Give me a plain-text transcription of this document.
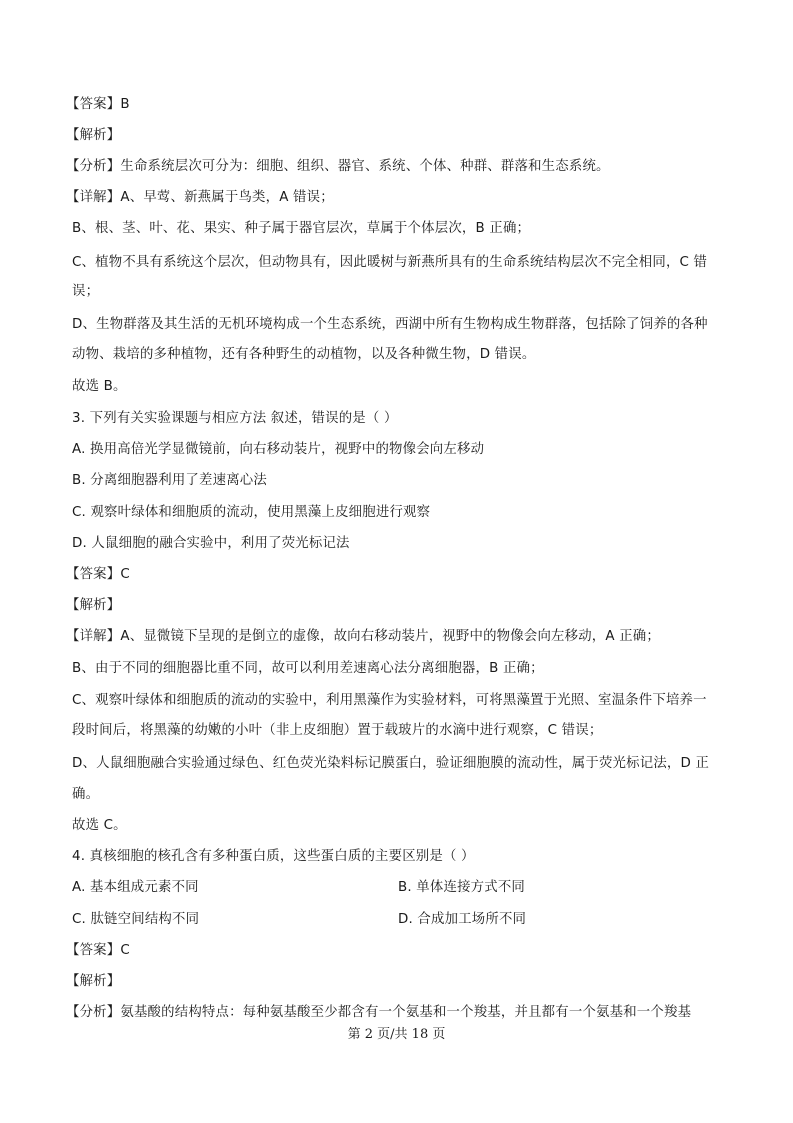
【答案】B
【解析】
【分析】生命系统层次可分为：细胞、组织、器官、系统、个体、种群、群落和生态系统。
【详解】A、早莺、新燕属于鸟类，A 错误；
B、根、茎、叶、花、果实、种子属于器官层次，草属于个体层次，B 正确；
C、植物不具有系统这个层次，但动物具有，因此暖树与新燕所具有的生命系统结构层次不完全相同，C 错
误；
D、生物群落及其生活的无机环境构成一个生态系统，西湖中所有生物构成生物群落，包括除了饲养的各种
动物、栽培的多种植物，还有各种野生的动植物，以及各种微生物，D 错误。
故选 B。
3. 下列有关实验课题与相应方法 叙述，错误的是（ ）
A. 换用高倍光学显微镜前，向右移动装片，视野中的物像会向左移动
B. 分离细胞器利用了差速离心法
C. 观察叶绿体和细胞质的流动，使用黑藻上皮细胞进行观察
D. 人鼠细胞的融合实验中，利用了荧光标记法
【答案】C
【解析】
【详解】A、显微镜下呈现的是倒立的虚像，故向右移动装片，视野中的物像会向左移动，A 正确；
B、由于不同的细胞器比重不同，故可以利用差速离心法分离细胞器，B 正确；
C、观察叶绿体和细胞质的流动的实验中，利用黑藻作为实验材料，可将黑藻置于光照、室温条件下培养一
段时间后，将黑藻的幼嫩的小叶（非上皮细胞）置于载玻片的水滴中进行观察，C 错误；
D、人鼠细胞融合实验通过绿色、红色荧光染料标记膜蛋白，验证细胞膜的流动性，属于荧光标记法，D 正
确。
故选 C。
4. 真核细胞的核孔含有多种蛋白质，这些蛋白质的主要区别是（ ）
A. 基本组成元素不同	B. 单体连接方式不同
C. 肽链空间结构不同	D. 合成加工场所不同
【答案】C
【解析】
【分析】氨基酸的结构特点：每种氨基酸至少都含有一个氨基和一个羧基，并且都有一个氨基和一个羧基
第 2 页/共 18 页
